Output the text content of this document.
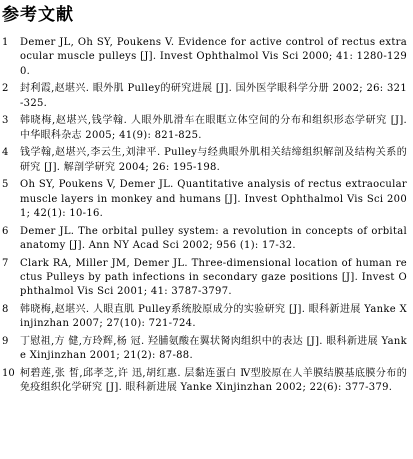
参考文献
1	Demer JL, Oh SY, Poukens V. Evidence for active control of rectus extraocular muscle pulleys [J]. Invest Ophthalmol Vis Sci 2000; 41: 1280-1290.
2	封利霞,赵堪兴. 眼外肌 Pulley的研究进展 [J]. 国外医学眼科学分册 2002; 26: 321-325.
3	韩晓梅,赵堪兴,钱学翰. 人眼外肌滑车在眼眶立体空间的分布和组织形态学研究 [J]. 中华眼科杂志 2005; 41(9): 821-825.
4	钱学翰,赵堪兴,李云生,刘津平. Pulley与经典眼外肌相关结缔组织解剖及结构关系的研究 [J]. 解剖学研究 2004; 26: 195-198.
5	Oh SY, Poukens V, Demer JL. Quantitative analysis of rectus extraocular muscle layers in monkey and humans [J]. Invest Ophthalmol Vis Sci 2001; 42(1): 10-16.
6	Demer JL. The orbital pulley system: a revolution in concepts of orbital anatomy [J]. Ann NY Acad Sci 2002; 956 (1): 17-32.
7	Clark RA, Miller JM, Demer JL. Three-dimensional location of human rectus Pulleys by path infections in secondary gaze positions [J]. Invest Ophthalmol Vis Sci 2001; 41: 3787-3797.
8	韩晓梅,赵堪兴. 人眼直肌 Pulley系统胶原成分的实验研究 [J]. 眼科新进展 Yanke Xinjinzhan 2007; 27(10): 721-724.
9	丁慰祖,方 健,方玲辉,杨 冠. 羟脯氨酸在翼状胬肉组织中的表达 [J]. 眼科新进展 Yanke Xinjinzhan 2001; 21(2): 87-88.
10 柯碧莲,张 皙,邱孝芝,许 迅,胡红惠. 层黏连蛋白 Ⅳ型胶原在人羊膜结膜基底膜分布的免疫组织化学研究 [J]. 眼科新进展 Yanke Xinjinzhan 2002; 22(6): 377-379.
